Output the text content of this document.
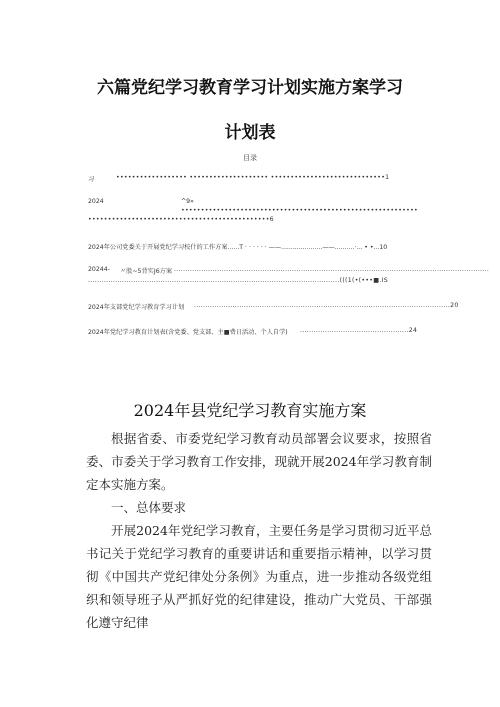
六篇党纪学习教育学习计划实施方案学习
计划表
目录
习	•••••••••••••••••• •••••••••••••••••••• •••••••••••••••••••••••••••••1
2024	^9»
••••••••••••••••••••••••••••••••••••••••••••••••••••••••••••
••••••••••••••••••••••••••••••••••••••••••••••6
2024年公司党委关于开展党纪学习校什的工作方案......T · · · · · · ——.....................——..........·... • •...10
20244- 〃股~5背实J6方案 ...........................................................................................................................................
...............................................................................................................(((1(•(•••■.IS
2024年支部党纪学习教育学习计划 .................................................................................................................20
2024年党纪学习教育计划表(含党委、党支部、主■费日活动、个人自学) ................................................24
2024年县党纪学习教育实施方案

根据省委、市委党纪学习教育动员部署会议要求，按照省委、市委关于学习教育工作安排，现就开展2024年学习教育制定本实施方案。

一、总体要求

开展2024年党纪学习教育，主要任务是学习贯彻习近平总书记关于党纪学习教育的重要讲话和重要指示精神，以学习贯彻《中国共产党纪律处分条例》为重点，进一步推动各级党组织和领导班子从严抓好党的纪律建设，推动广大党员、干部强化遵守纪律
